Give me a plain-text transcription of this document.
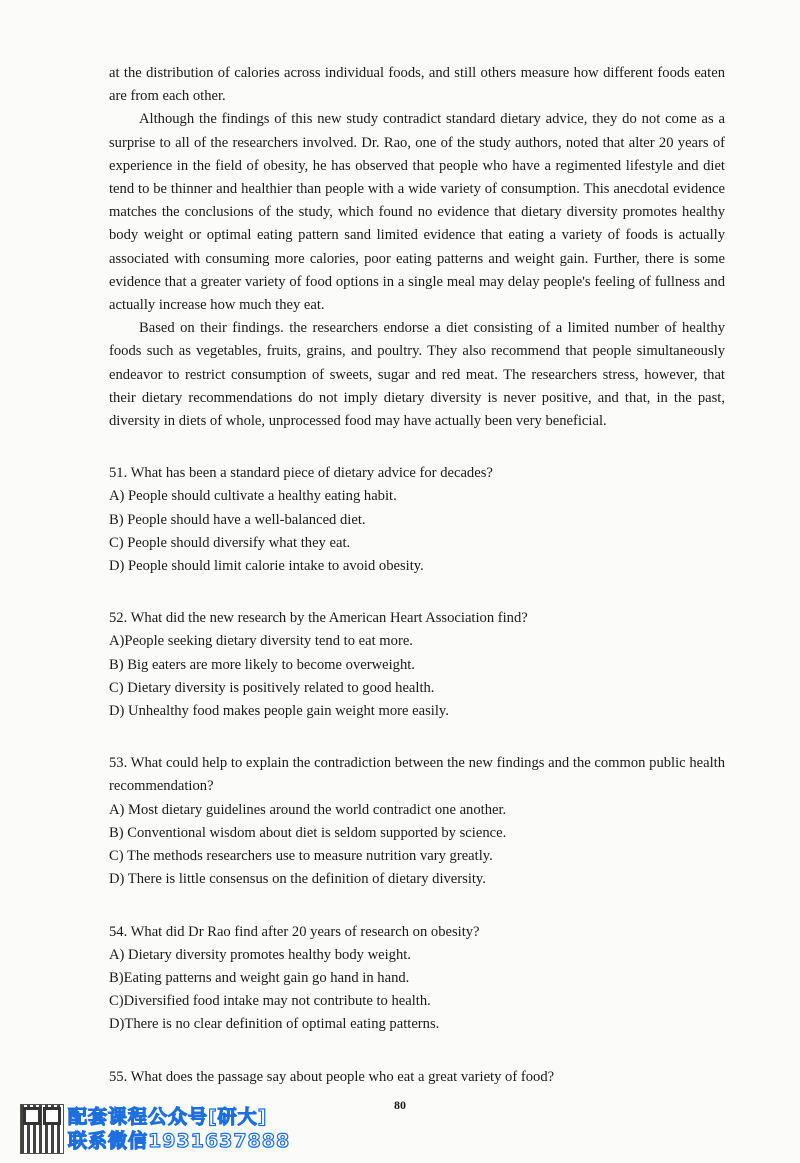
at the distribution of calories across individual foods, and still others measure how different foods eaten are from each other.

Although the findings of this new study contradict standard dietary advice, they do not come as a surprise to all of the researchers involved. Dr. Rao, one of the study authors, noted that alter 20 years of experience in the field of obesity, he has observed that people who have a regimented lifestyle and diet tend to be thinner and healthier than people with a wide variety of consumption. This anecdotal evidence matches the conclusions of the study, which found no evidence that dietary diversity promotes healthy body weight or optimal eating pattern sand limited evidence that eating a variety of foods is actually associated with consuming more calories, poor eating patterns and weight gain. Further, there is some evidence that a greater variety of food options in a single meal may delay people's feeling of fullness and actually increase how much they eat.

Based on their findings. the researchers endorse a diet consisting of a limited number of healthy foods such as vegetables, fruits, grains, and poultry. They also recommend that people simultaneously endeavor to restrict consumption of sweets, sugar and red meat. The researchers stress, however, that their dietary recommendations do not imply dietary diversity is never positive, and that, in the past, diversity in diets of whole, unprocessed food may have actually been very beneficial.

51. What has been a standard piece of dietary advice for decades?

A) People should cultivate a healthy eating habit.

B) People should have a well-balanced diet.

C) People should diversify what they eat.

D) People should limit calorie intake to avoid obesity.

52. What did the new research by the American Heart Association find?

A)People seeking dietary diversity tend to eat more.

B) Big eaters are more likely to become overweight.

C) Dietary diversity is positively related to good health.

D) Unhealthy food makes people gain weight more easily.

53. What could help to explain the contradiction between the new findings and the common public health recommendation?

A) Most dietary guidelines around the world contradict one another.

B) Conventional wisdom about diet is seldom supported by science.

C) The methods researchers use to measure nutrition vary greatly.

D) There is little consensus on the definition of dietary diversity.

54. What did Dr Rao find after 20 years of research on obesity?

A) Dietary diversity promotes healthy body weight.

B)Eating patterns and weight gain go hand in hand.

C)Diversified food intake may not contribute to health.

D)There is no clear definition of optimal eating patterns.

55. What does the passage say about people who eat a great variety of food?

80
配套课程公众号[研大]
联系微信1931637888
